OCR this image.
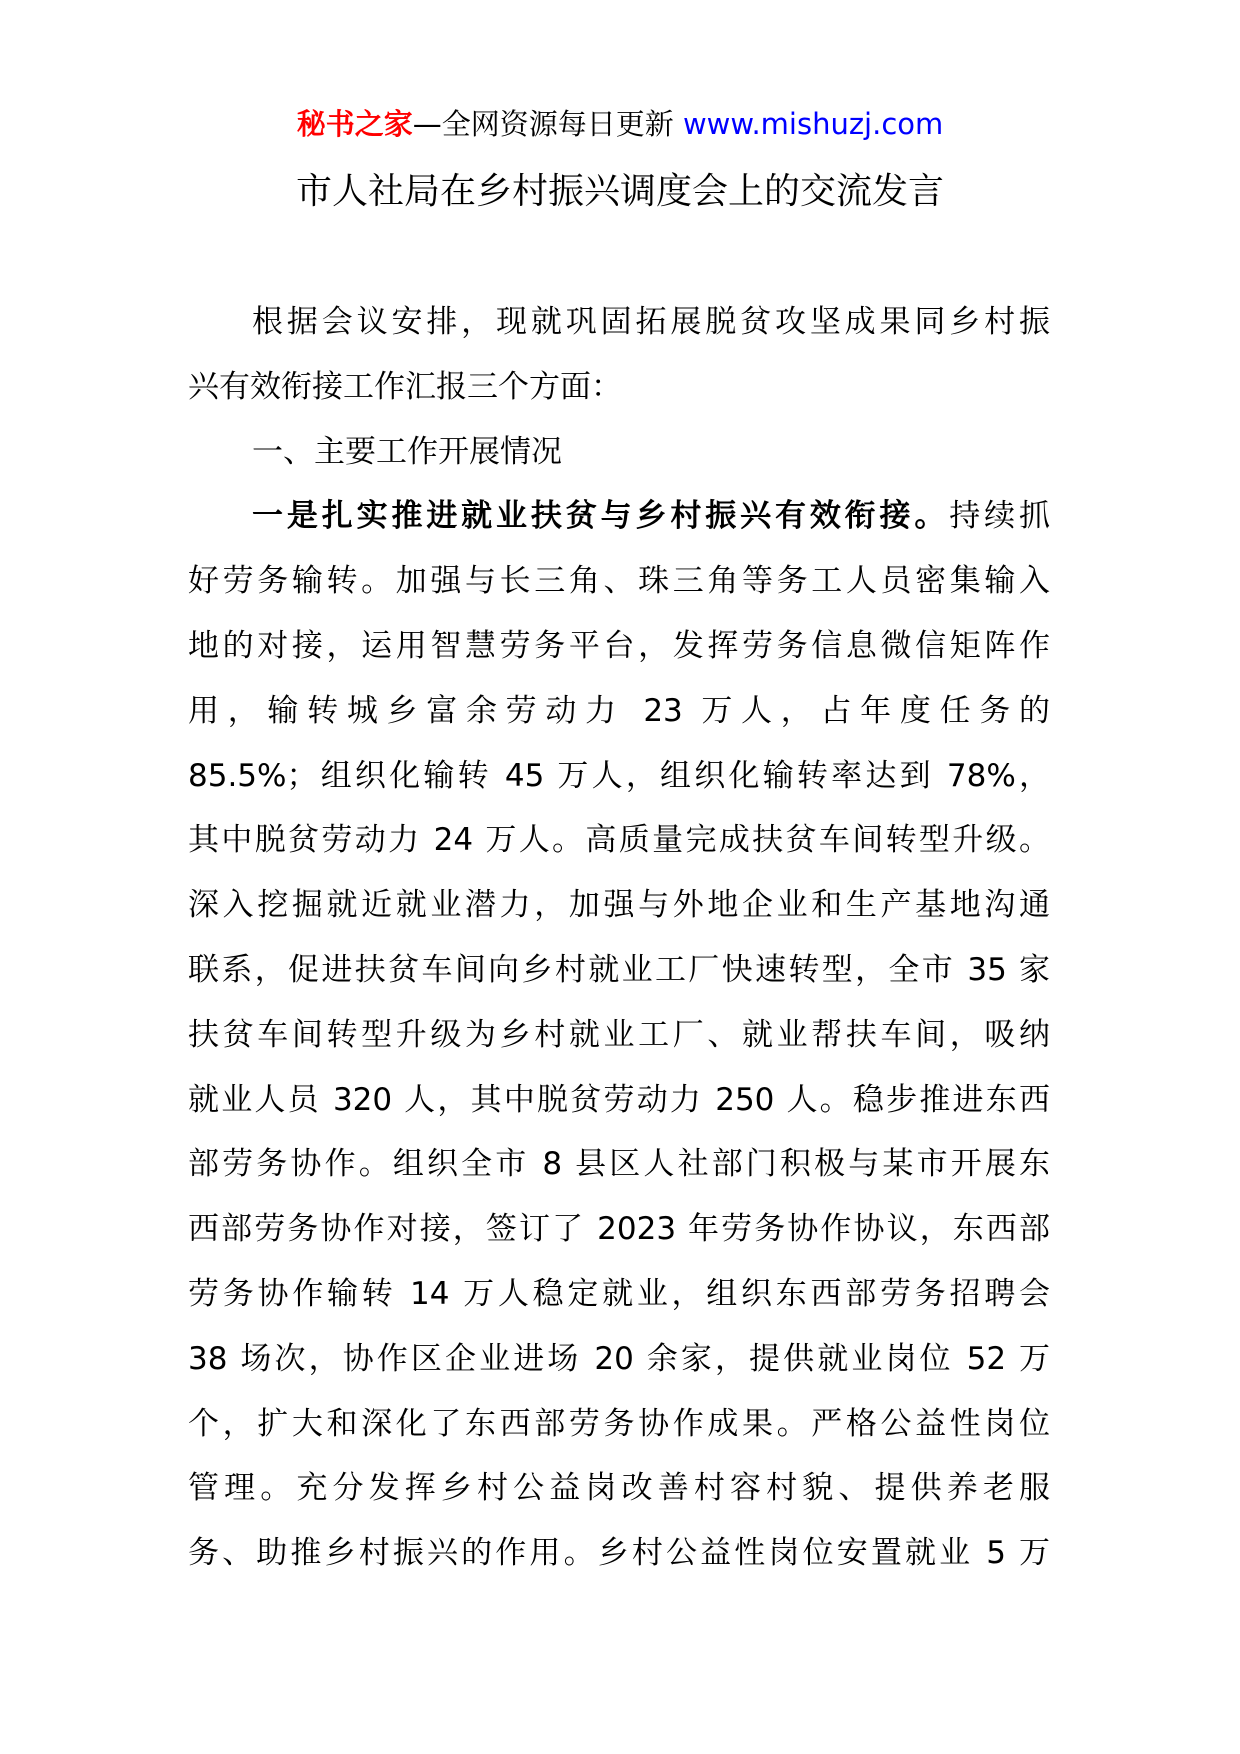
秘书之家—全网资源每日更新 www.mishuzj.com
市人社局在乡村振兴调度会上的交流发言
根据会议安排，现就巩固拓展脱贫攻坚成果同乡村振
兴有效衔接工作汇报三个方面：
一、主要工作开展情况
一是扎实推进就业扶贫与乡村振兴有效衔接。持续抓
好劳务输转。加强与长三角、珠三角等务工人员密集输入
地的对接，运用智慧劳务平台，发挥劳务信息微信矩阵作
用，输转城乡富余劳动力 23 万人，占年度任务的
85.5%；组织化输转 45 万人，组织化输转率达到 78%，
其中脱贫劳动力 24 万人。高质量完成扶贫车间转型升级。
深入挖掘就近就业潜力，加强与外地企业和生产基地沟通
联系，促进扶贫车间向乡村就业工厂快速转型，全市 35 家
扶贫车间转型升级为乡村就业工厂、就业帮扶车间，吸纳
就业人员 320 人，其中脱贫劳动力 250 人。稳步推进东西
部劳务协作。组织全市 8 县区人社部门积极与某市开展东
西部劳务协作对接，签订了 2023 年劳务协作协议，东西部
劳务协作输转 14 万人稳定就业，组织东西部劳务招聘会
38 场次，协作区企业进场 20 余家，提供就业岗位 52 万
个，扩大和深化了东西部劳务协作成果。严格公益性岗位
管理。充分发挥乡村公益岗改善村容村貌、提供养老服
务、助推乡村振兴的作用。乡村公益性岗位安置就业 5 万
